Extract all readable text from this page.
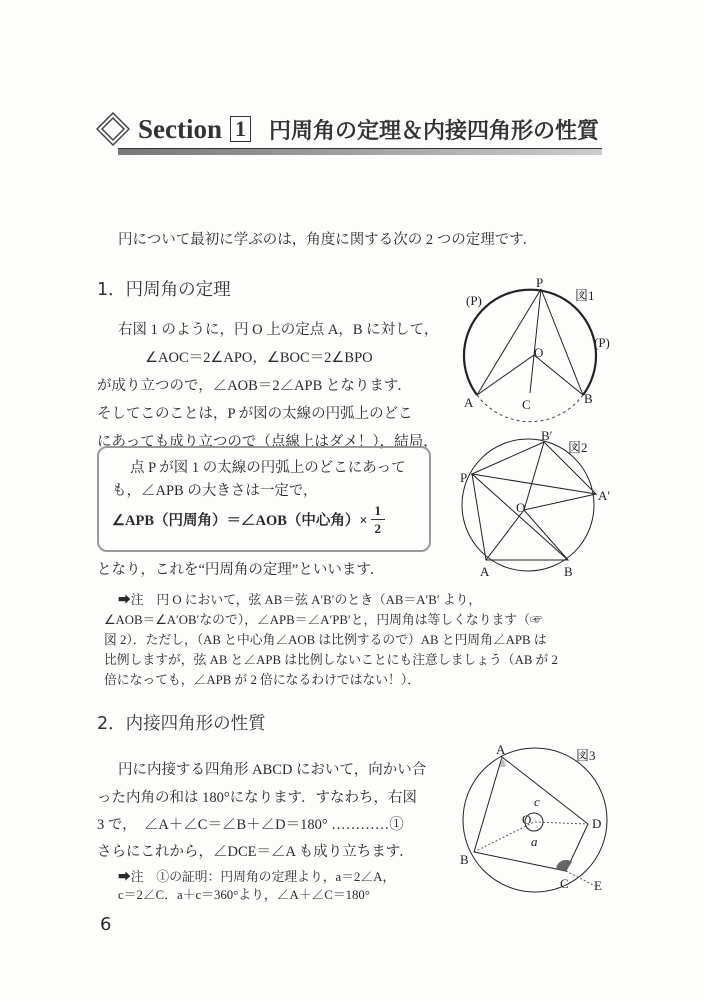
Section 1 円周角の定理＆内接四角形の性質
円について最初に学ぶのは，角度に関する次の 2 つの定理です．
1．円周角の定理
右図 1 のように，円 O 上の定点 A，B に対して，
∠AOC＝2∠APO，∠BOC＝2∠BPO
が成り立つので，∠AOB＝2∠APB となります．
そしてこのことは，P が図の太線の円弧上のどこ
にあっても成り立つので（点線上はダメ！），結局，
点 P が図 1 の太線の円弧上のどこにあって
も，∠APB の大きさは一定で，
∠APB（円周角）＝∠AOB（中心角）× $\frac{1}{2}$
となり，これを“円周角の定理”といいます．
➡注　円 O において，弦 AB＝弦 A′B′のとき（AB＝A′B′ より，
∠AOB＝∠A′OB′なので），∠APB＝∠A′PB′と，円周角は等しくなります（☞
図 2）．ただし，（AB と中心角∠AOB は比例するので）AB と円周角∠APB は
比例しますが，弦 AB と∠APB は比例しないことにも注意しましょう（AB が 2
倍になっても，∠APB が 2 倍になるわけではない！）．
2．内接四角形の性質
円に内接する四角形 ABCD において，向かい合
った内角の和は 180°になります．すなわち，右図
3 で，　∠A＋∠C＝∠B＋∠D＝180° …………①
さらにこれから，∠DCE＝∠A も成り立ちます．
➡注　①の証明：円周角の定理より，a＝2∠A，
c＝2∠C．a＋c＝360°より，∠A＋∠C＝180°
P
(P)
(P)
O
A	C	B
図1
B′
P
O
A′
A	B
図2
A
O
c
a
D
B
C E
図3
6
